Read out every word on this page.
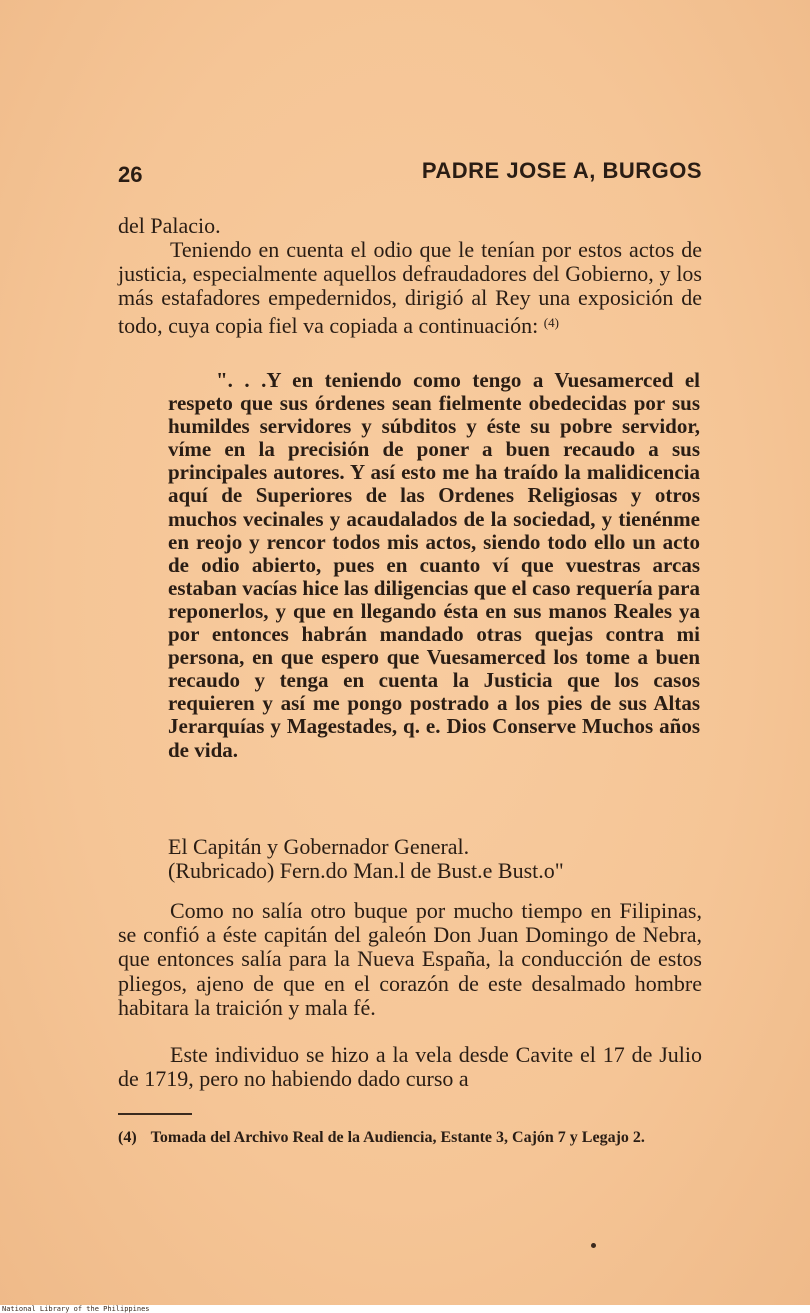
26	PADRE JOSE A, BURGOS

del Palacio.

Teniendo en cuenta el odio que le tenían por estos actos de justicia, especialmente aquellos defraudadores del Gobierno, y los más estafadores empedernidos, dirigió al Rey una exposición de todo, cuya copia fiel va copiada a continuación: $^{(4)}$

". . .Y en teniendo como tengo a Vuesamerced el respeto que sus órdenes sean fielmente obedecidas por sus humildes servidores y súbditos y éste su pobre servidor, víme en la precisión de poner a buen recaudo a sus principales autores. Y así esto me ha traído la malidicencia aquí de Superiores de las Ordenes Religiosas y otros muchos vecinales y acaudalados de la sociedad, y tienénme en reojo y rencor todos mis actos, siendo todo ello un acto de odio abierto, pues en cuanto ví que vuestras arcas estaban vacías hice las diligencias que el caso requería para reponerlos, y que en llegando ésta en sus manos Reales ya por entonces habrán mandado otras quejas contra mi persona, en que espero que Vuesamerced los tome a buen recaudo y tenga en cuenta la Justicia que los casos requieren y así me pongo postrado a los pies de sus Altas Jerarquías y Magestades, q. e. Dios Conserve Muchos años de vida.

El Capitán y Gobernador General.
(Rubricado) Fern.do Man.l de Bust.e Bust.o"

Como no salía otro buque por mucho tiempo en Filipinas, se confió a éste capitán del galeón Don Juan Domingo de Nebra, que entonces salía para la Nueva España, la conducción de estos pliegos, ajeno de que en el corazón de este desalmado hombre habitara la traición y mala fé.

Este individuo se hizo a la vela desde Cavite el 17 de Julio de 1719, pero no habiendo dado curso a

(4) Tomada del Archivo Real de la Audiencia, Estante 3, Cajón 7 y Legajo 2.

National Library of the Philippines
